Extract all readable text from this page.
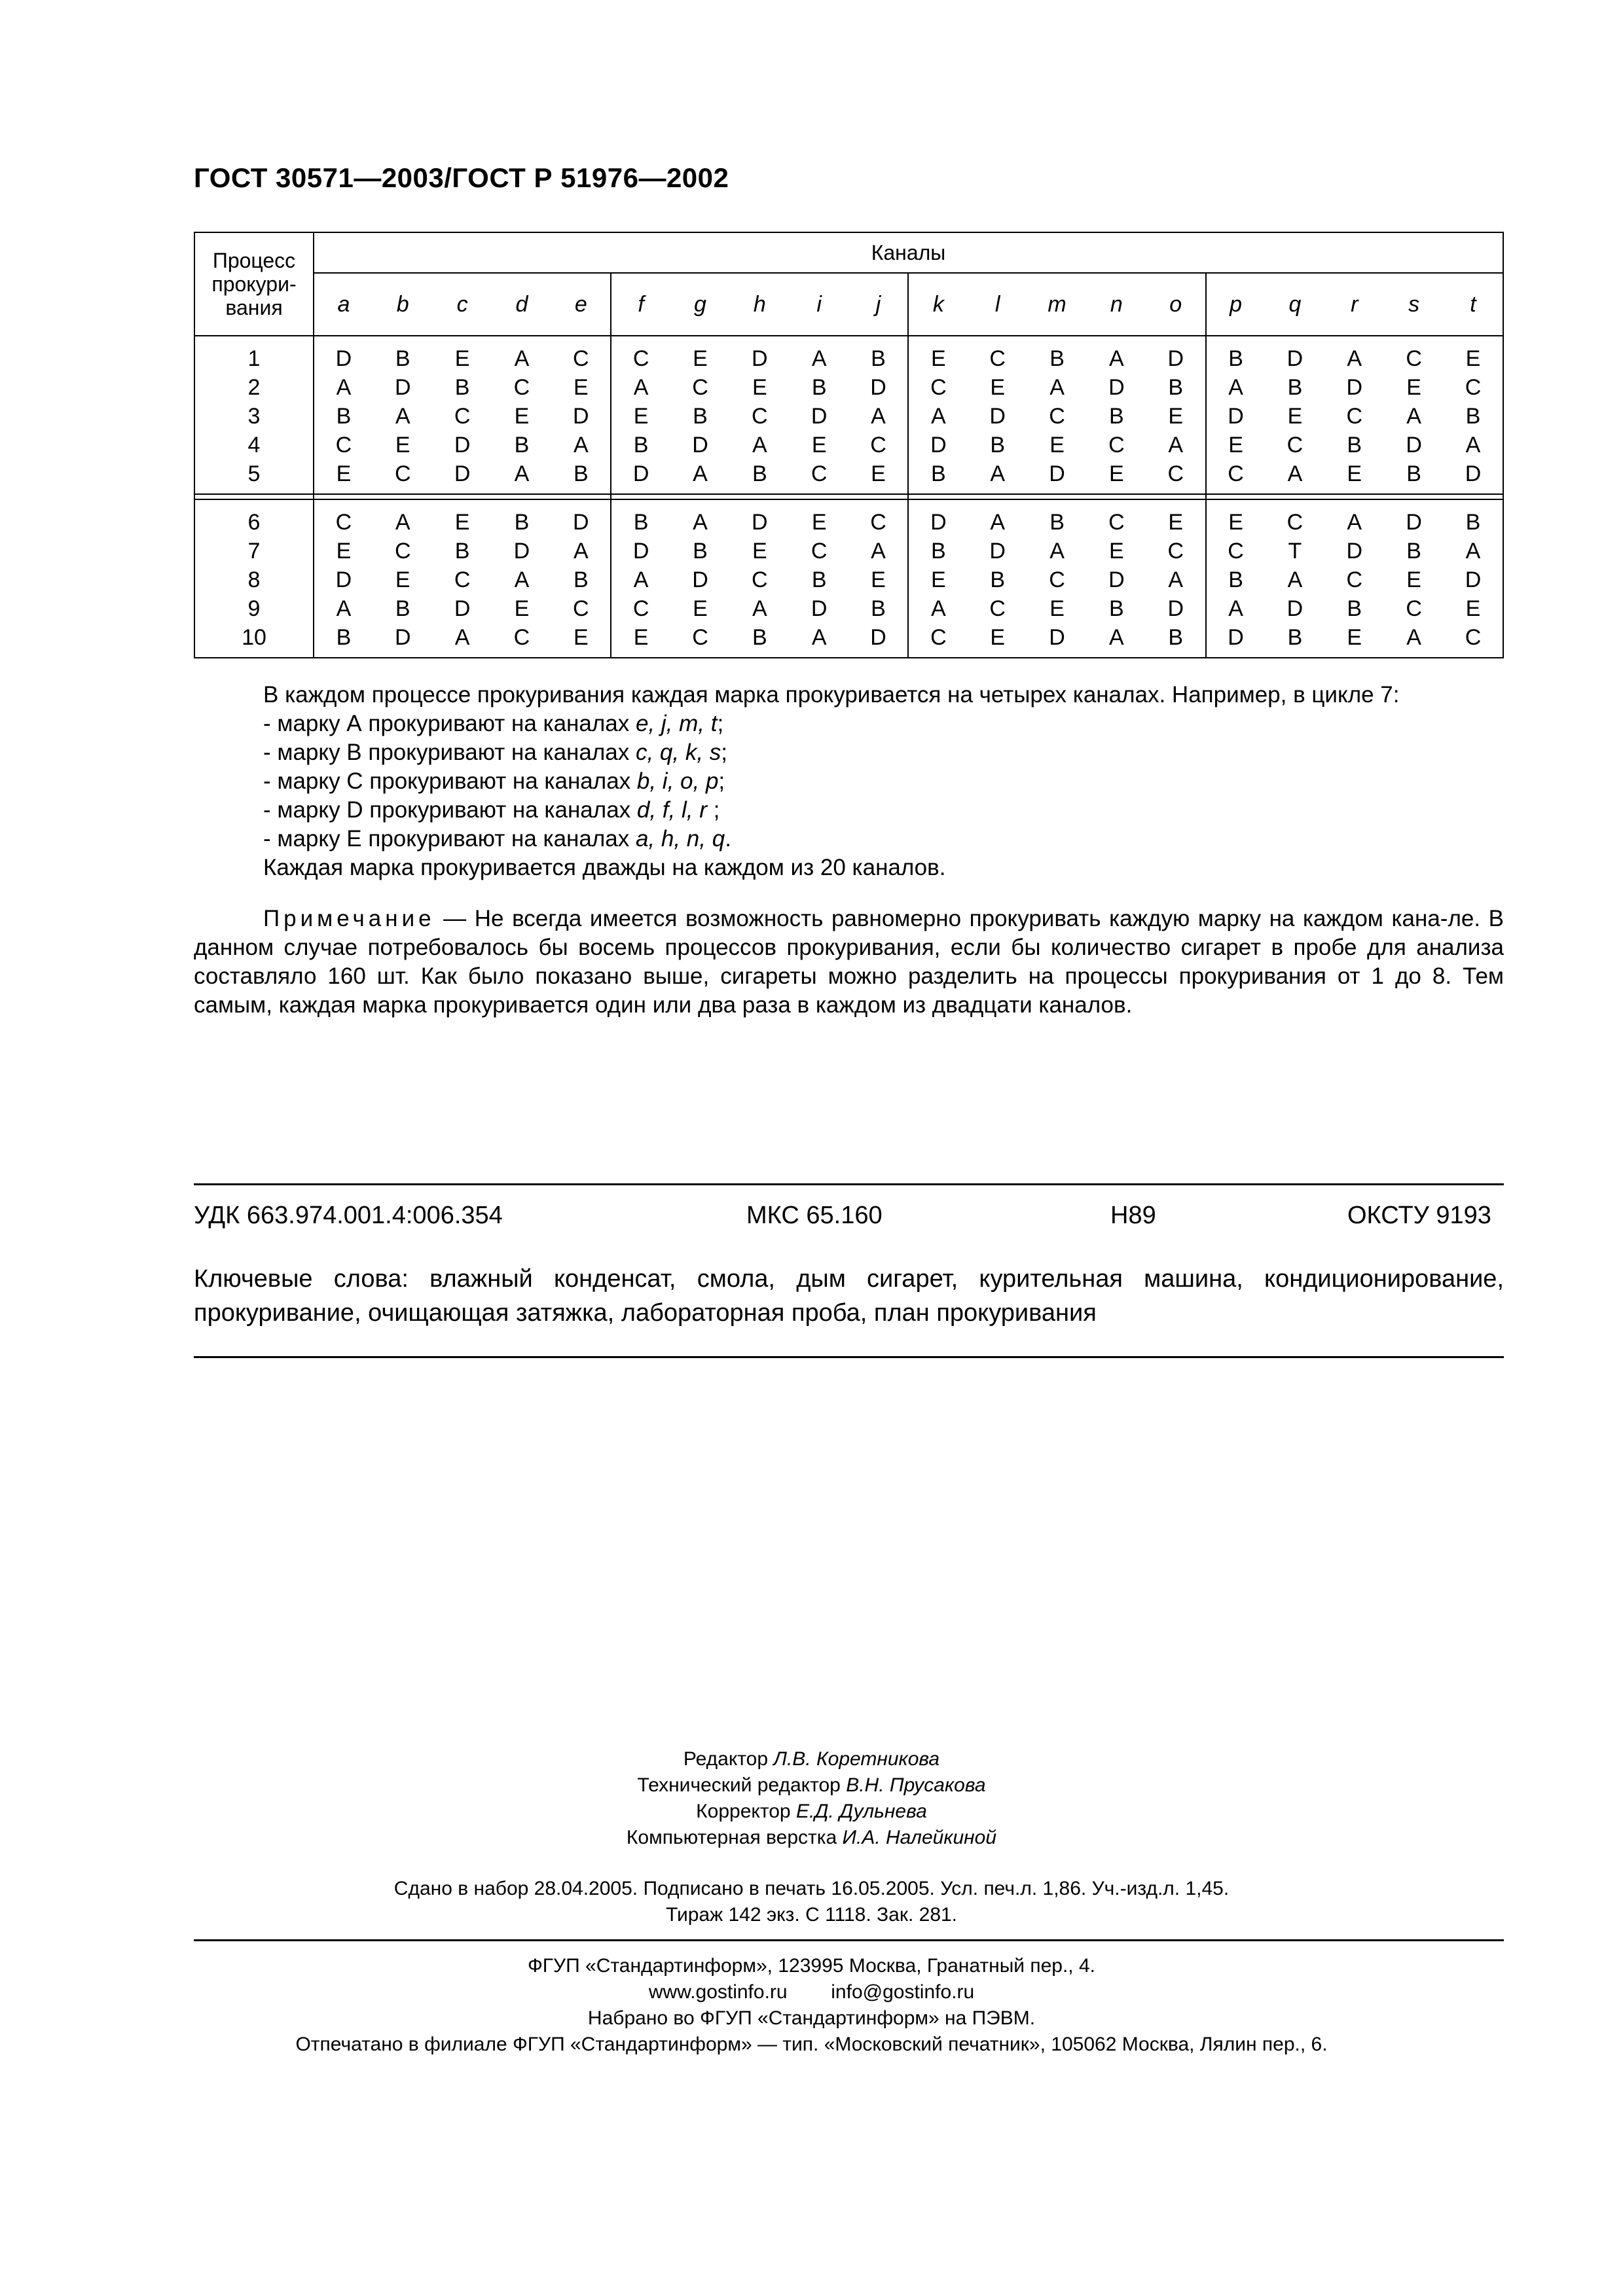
ГОСТ 30571—2003/ГОСТ Р 51976—2002
Процесс
прокури-
вания	Каналы																			
	a	b	c	d	e	f	g	h	i	j	k	l	m	n	o	p	q	r	s	t
1	D	B	E	A	C	C	E	D	A	B	E	C	B	A	D	B	D	A	C	E
2	A	D	B	C	E	A	C	E	B	D	C	E	A	D	B	A	B	D	E	C
3	B	A	C	E	D	E	B	C	D	A	A	D	C	B	E	D	E	C	A	B
4	C	E	D	B	A	B	D	A	E	C	D	B	E	C	A	E	C	B	D	A
5	E	C	D	A	B	D	A	B	C	E	B	A	D	E	C	C	A	E	B	D

6	C	A	E	B	D	B	A	D	E	C	D	A	B	C	E	E	C	A	D	B
7	E	C	B	D	A	D	B	E	C	A	B	D	A	E	C	C	T	D	B	A
8	D	E	C	A	B	A	D	C	B	E	E	B	C	D	A	B	A	C	E	D
9	A	B	D	E	C	C	E	A	D	B	A	C	E	B	D	A	D	B	C	E
10	B	D	A	C	E	E	C	B	A	D	C	E	D	A	B	D	B	E	A	C
В каждом процессе прокуривания каждая марка прокуривается на четырех каналах. Например, в цикле 7:
- марку А прокуривают на каналах e, j, m, t;
- марку В прокуривают на каналах c, q, k, s;
- марку С прокуривают на каналах b, i, o, p;
- марку D прокуривают на каналах d, f, l, r ;
- марку Е прокуривают на каналах a, h, n, q.
Каждая марка прокуривается дважды на каждом из 20 каналов.
Примечание — Не всегда имеется возможность равномерно прокуривать каждую марку на каждом кана-ле. В данном случае потребовалось бы восемь процессов прокуривания, если бы количество сигарет в пробе для анализа составляло 160 шт. Как было показано выше, сигареты можно разделить на процессы прокуривания от 1 до 8. Тем самым, каждая марка прокуривается один или два раза в каждом из двадцати каналов.
УДК 663.974.001.4:006.354	МКС 65.160	Н89	ОКСТУ 9193
Ключевые слова: влажный конденсат, смола, дым сигарет, курительная машина, кондиционирование, прокуривание, очищающая затяжка, лабораторная проба, план прокуривания
Редактор Л.В. Коретникова
Технический редактор В.Н. Прусакова
Корректор Е.Д. Дульнева
Компьютерная верстка И.А. Налейкиной
Сдано в набор 28.04.2005. Подписано в печать 16.05.2005. Усл. печ.л. 1,86. Уч.-изд.л. 1,45.
Тираж 142 экз. С 1118. Зак. 281.
ФГУП «Стандартинформ», 123995 Москва, Гранатный пер., 4.
www.gostinfo.ru        info@gostinfo.ru
Набрано во ФГУП «Стандартинформ» на ПЭВМ.
Отпечатано в филиале ФГУП «Стандартинформ» — тип. «Московский печатник», 105062 Москва, Лялин пер., 6.
